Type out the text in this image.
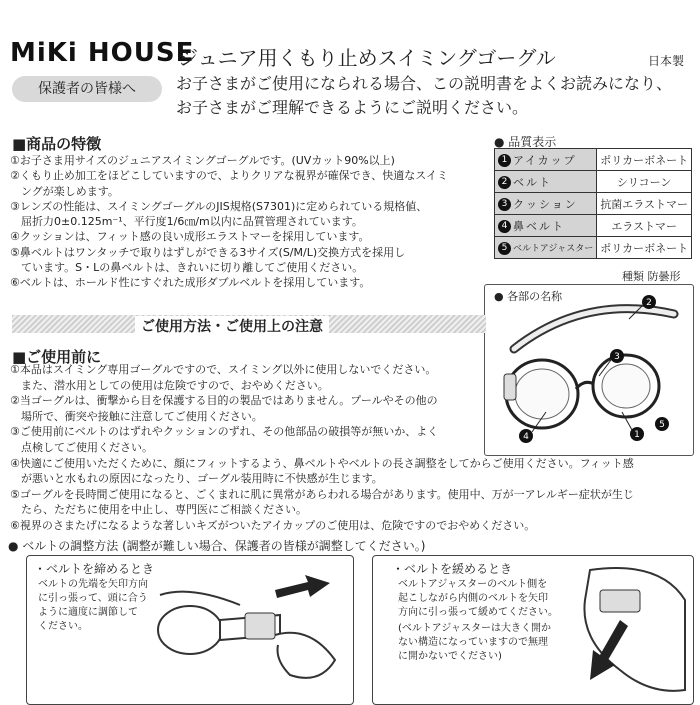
MiKi HOUSE
ジュニア用くもり止めスイミングゴーグル	日本製
保護者の皆様へ	お子さまがご使用になられる場合、この説明書をよくお読みになり、
お子さまがご理解できるようにご説明ください。
■商品の特徴
①お子さま用サイズのジュニアスイミングゴーグルです。(UVカット90%以上)
②くもり止め加工をほどこしていますので、よりクリアな視界が確保でき、快適なスイミ
　ングが楽しめます。
③レンズの性能は、スイミングゴーグルのJIS規格(S7301)に定められている規格値、
　屈折力0±0.125m⁻¹、平行度1/6㎝/m以内に品質管理されています。
④クッションは、フィット感の良い成形エラストマーを採用しています。
⑤鼻ベルトはワンタッチで取りはずしができる3サイズ(S/M/L)交換方式を採用し
　ています。S・Lの鼻ベルトは、きれいに切り離してご使用ください。
⑥ベルトは、ホールド性にすぐれた成形ダブルベルトを採用しています。
● 品質表示
1 アイカップ	ポリカーボネート
2 ベルト	シリコーン
3 クッション	抗菌エラストマー
4 鼻ベルト	エラストマー
5 ベルトアジャスター	ポリカーボネート
種類 防曇形
● 各部の名称	2
3
4	1
5
ご使用方法・ご使用上の注意
■ご使用前に
①本品はスイミング専用ゴーグルですので、スイミング以外に使用しないでください。
　また、潜水用としての使用は危険ですので、おやめください。
②当ゴーグルは、衝撃から目を保護する目的の製品ではありません。プールやその他の
　場所で、衝突や接触に注意してご使用ください。
③ご使用前にベルトのはずれやクッションのずれ、その他部品の破損等が無いか、よく
　点検してご使用ください。
④快適にご使用いただくために、顔にフィットするよう、鼻ベルトやベルトの長さ調整をしてからご使用ください。フィット感
　が悪いと水もれの原因になったり、ゴーグル装用時に不快感が生じます。
⑤ゴーグルを長時間ご使用になると、ごくまれに肌に異常があらわれる場合があります。使用中、万が一アレルギー症状が生じ
　たら、ただちに使用を中止し、専門医にご相談ください。
⑥視界のさまたげになるような著しいキズがついたアイカップのご使用は、危険ですのでおやめください。
● ベルトの調整方法 (調整が難しい場合、保護者の皆様が調整してください。)
・ベルトを締めるとき
ベルトの先端を矢印方向
に引っ張って、頭に合う
ように適度に調節して
ください。
・ベルトを緩めるとき
ベルトアジャスターのベルト側を
起こしながら内側のベルトを矢印
方向に引っ張って緩めてください。
(ベルトアジャスターは大きく開か
ない構造になっていますので無理
に開かないでください)
